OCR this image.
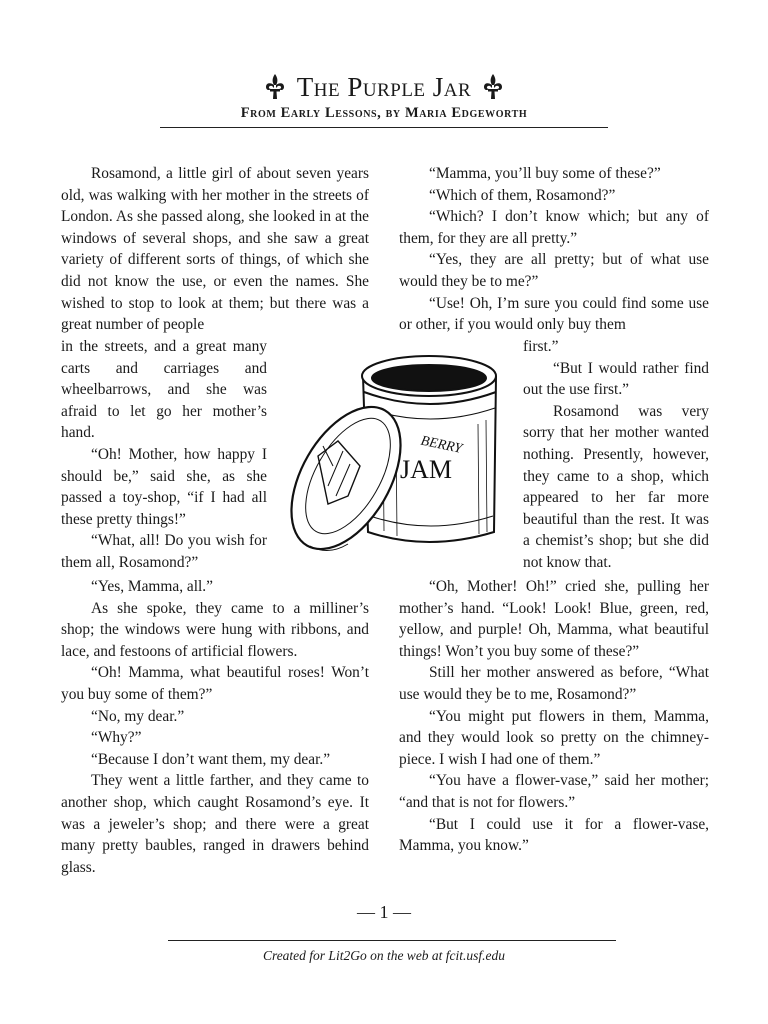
The Purple Jar
From Early Lessons, by Maria Edgeworth

Rosamond, a little girl of about seven years old, was walking with her mother in the streets of London. As she passed along, she looked in at the windows of several shops, and she saw a great variety of different sorts of things, of which she did not know the use, or even the names. She wished to stop to look at them; but there was a great number of people

in the streets, and a great many carts and carriages and wheelbarrows, and she was afraid to let go her mother’s hand.

“Oh! Mother, how happy I should be,” said she, as she passed a toy-shop, “if I had all these pretty things!”

“What, all! Do you wish for them all, Rosamond?”

“Yes, Mamma, all.”

As she spoke, they came to a milliner’s shop; the windows were hung with ribbons, and lace, and festoons of artificial flowers.

“Oh! Mamma, what beautiful roses! Won’t you buy some of them?”

“No, my dear.”

“Why?”

“Because I don’t want them, my dear.”

They went a little farther, and they came to another shop, which caught Rosamond’s eye. It was a jeweler’s shop; and there were a great many pretty baubles, ranged in drawers behind glass.

“Mamma, you’ll buy some of these?”

“Which of them, Rosamond?”

“Which? I don’t know which; but any of them, for they are all pretty.”

“Yes, they are all pretty; but of what use would they be to me?”

“Use! Oh, I’m sure you could find some use or other, if you would only buy them

first.”

“But I would rather find out the use first.”

Rosamond was very sorry that her mother wanted nothing. Presently, however, they came to a shop, which appeared to her far more beautiful than the rest. It was a chemist’s shop; but she did not know that.

“Oh, Mother! Oh!” cried she, pulling her mother’s hand. “Look! Look! Blue, green, red, yellow, and purple! Oh, Mamma, what beautiful things! Won’t you buy some of these?”

Still her mother answered as before, “What use would they be to me, Rosamond?”

“You might put flowers in them, Mamma, and they would look so pretty on the chimney-piece. I wish I had one of them.”

“You have a flower-vase,” said her mother; “and that is not for flowers.”

“But I could use it for a flower-vase, Mamma, you know.”

BERRY
JAM
— 1 —
Created for Lit2Go on the web at fcit.usf.edu
